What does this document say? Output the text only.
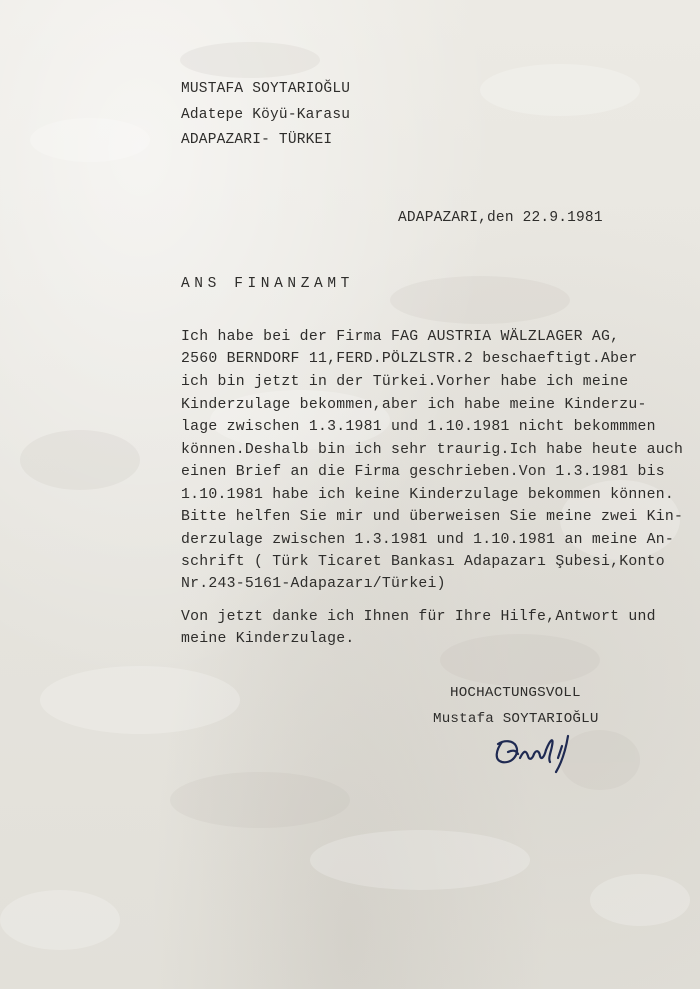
MUSTAFA SOYTARIOĞLU
Adatepe Köyü-Karasu
ADAPAZARI- TÜRKEI
ADAPAZARI,den 22.9.1981
ANS FINANZAMT
Ich habe bei der Firma FAG AUSTRIA WÄLZLAGER AG,
2560 BERNDORF 11,FERD.PÖLZLSTR.2 beschaeftigt.Aber
ich bin jetzt in der Türkei.Vorher habe ich meine
Kinderzulage bekommen,aber ich habe meine Kinderzu-
lage zwischen 1.3.1981 und 1.10.1981 nicht bekommmen
können.Deshalb bin ich sehr traurig.Ich habe heute auch
einen Brief an die Firma geschrieben.Von 1.3.1981 bis
1.10.1981 habe ich keine Kinderzulage bekommen können.
Bitte helfen Sie mir und überweisen Sie meine zwei Kin-
derzulage zwischen 1.3.1981 und 1.10.1981 an meine An-
schrift ( Türk Ticaret Bankası Adapazarı Şubesi,Konto
Nr.243-5161-Adapazarı/Türkei)
Von jetzt danke ich Ihnen für Ihre Hilfe,Antwort und
meine Kinderzulage.
HOCHACTUNGSVOLL
Mustafa SOYTARIOĞLU
